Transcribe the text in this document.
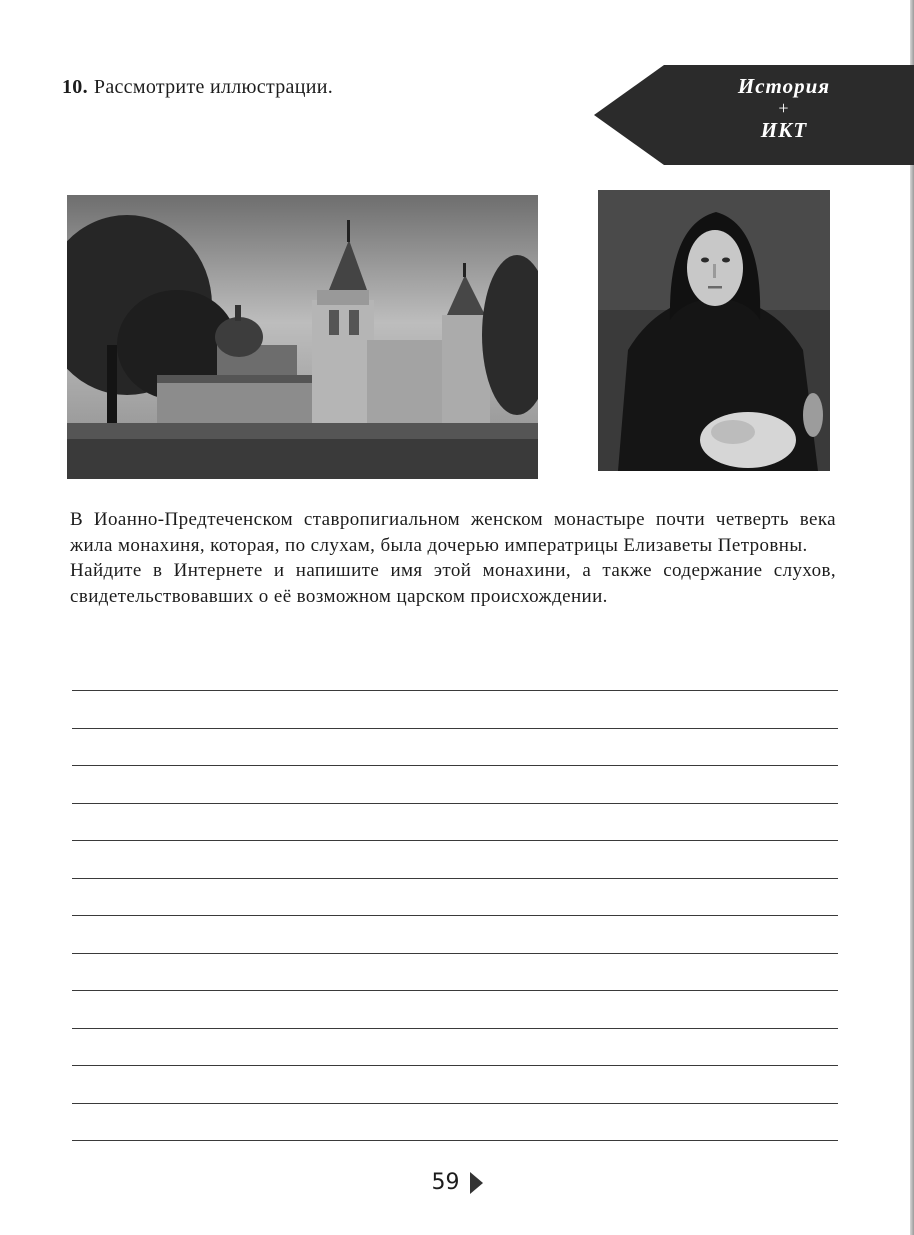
10. Рассмотрите иллюстрации.	История
+
ИКТ

В Иоанно-Предтеченском ставропигиальном женском монастыре почти четверть века жила монахиня, которая, по слухам, была дочерью императрицы Елизаветы Петровны.

Найдите в Интернете и напишите имя этой монахини, а также содержание слухов, свидетельствовавших о её возможном царском происхождении.

59
